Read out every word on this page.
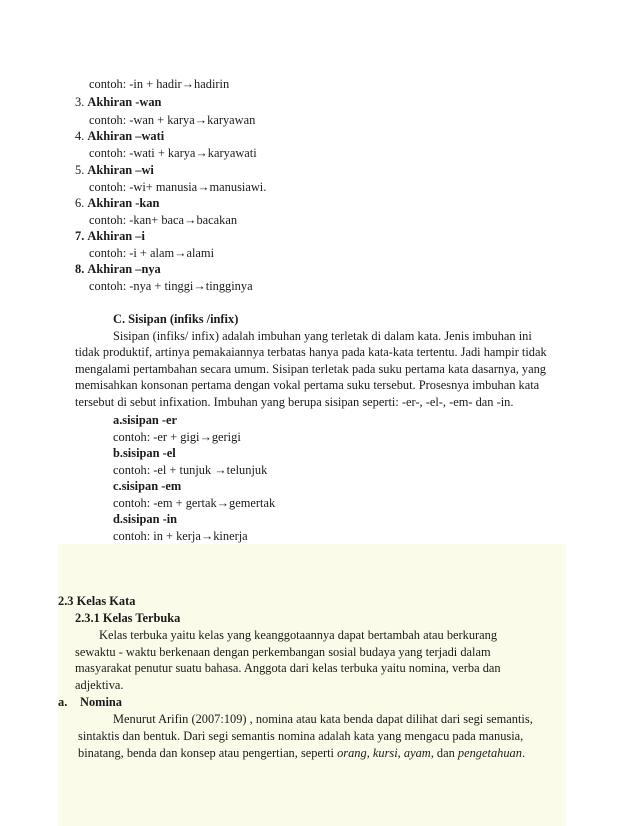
contoh: -in + hadir→hadirin
3. Akhiran -wan
contoh: -wan + karya→karyawan
4. Akhiran –wati
contoh: -wati + karya→karyawati
5. Akhiran –wi
contoh: -wi+ manusia→manusiawi.
6. Akhiran -kan
contoh: -kan+ baca→bacakan
7. Akhiran –i
contoh: -i + alam→alami
8. Akhiran –nya
contoh: -nya + tinggi→tingginya
C. Sisipan (infiks /infix)
Sisipan (infiks/ infix) adalah imbuhan yang terletak di dalam kata. Jenis imbuhan ini
tidak produktif, artinya pemakaiannya terbatas hanya pada kata-kata tertentu. Jadi hampir tidak
mengalami pertambahan secara umum. Sisipan terletak pada suku pertama kata dasarnya, yang
memisahkan konsonan pertama dengan vokal pertama suku tersebut. Prosesnya imbuhan kata
tersebut di sebut infixation. Imbuhan yang berupa sisipan seperti: -er-, -el-, -em- dan -in.
a.sisipan -er
contoh: -er + gigi→gerigi
b.sisipan -el
contoh: -el + tunjuk →telunjuk
c.sisipan -em
contoh: -em + gertak→gemertak
d.sisipan -in
contoh: in + kerja→kinerja
2.3 Kelas Kata
2.3.1 Kelas Terbuka
Kelas terbuka yaitu kelas yang keanggotaannya dapat bertambah atau berkurang
sewaktu - waktu berkenaan dengan perkembangan sosial budaya yang terjadi dalam
masyarakat penutur suatu bahasa. Anggota dari kelas terbuka yaitu nomina, verba dan
adjektiva.
a. Nomina
Menurut Arifin (2007:109) , nomina atau kata benda dapat dilihat dari segi semantis,
sintaktis dan bentuk. Dari segi semantis nomina adalah kata yang mengacu pada manusia,
binatang, benda dan konsep atau pengertian, seperti orang, kursi, ayam, dan pengetahuan.
